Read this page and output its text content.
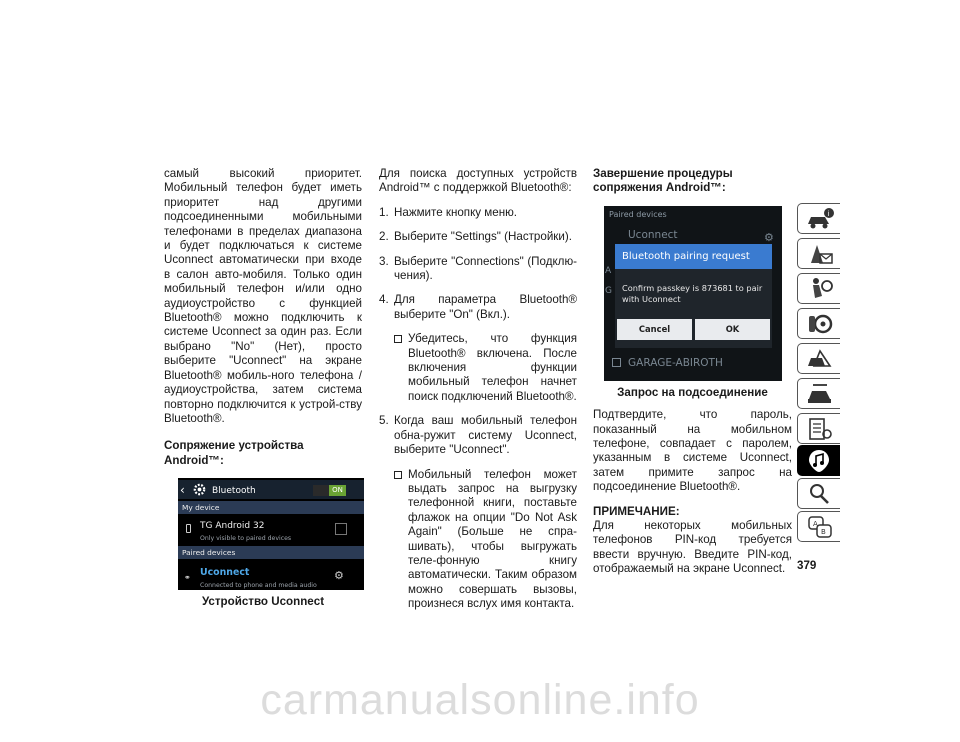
самый высокий приоритет. Мобильный телефон будет иметь приоритет над другими подсоединенными мобильными телефонами в пределах диапазона и будет подключаться к системе Uconnect автоматически при входе в салон авто-мобиля. Только один мобильный телефон и/или одно аудиоустройство с функцией Bluetooth® можно подключить к системе Uconnect за один раз. Если выбрано "No" (Нет), просто выберите "Uconnect" на экране Bluetooth® мобиль-ного телефона / аудиоустройства, затем система повторно подключится к устрой-ству Bluetooth®.

Сопряжение устройства Android™:
‹	Bluetooth	ON
My device
TG Android 32
Only visible to paired devices
Paired devices
⚭ Uconnect
Connected to phone and media audio
⚙
Устройство Uconnect

Для поиска доступных устройств Android™ с поддержкой Bluetooth®:

1. Нажмите кнопку меню.
2. Выберите "Settings" (Настройки).
3. Выберите "Connections" (Подклю-чения).
4. Для параметра Bluetooth® выберите "On" (Вкл.).
Убедитесь, что функция Bluetooth® включена. После включения функции мобильный телефон начнет поиск подключений Bluetooth®.
5. Когда ваш мобильный телефон обна-ружит систему Uconnect, выберите "Uconnect".
Мобильный телефон может выдать запрос на выгрузку телефонной книги, поставьте флажок на опции "Do Not Ask Again" (Больше не спра-шивать), чтобы выгружать теле-фонную книгу автоматически. Таким образом можно совершать вызовы, произнеся вслух имя контакта.
Завершение процедуры сопряжения Android™:
Paired devices
Uconnect	⚙
A
G
Bluetooth pairing request
Confirm passkey is 873681 to pair with Uconnect
Cancel	OK
GARAGE-ABIROTH
Запрос на подсоединение

Подтвердите, что пароль, показанный на мобильном телефоне, совпадает с паролем, указанным в системе Uconnect, затем примите запрос на подсоединение Bluetooth®.

ПРИМЕЧАНИЕ:

Для некоторых мобильных телефонов PIN-код требуется ввести вручную. Введите PIN-код, отображаемый на экране Uconnect.

i
A
B
379
carmanualsonline.info
